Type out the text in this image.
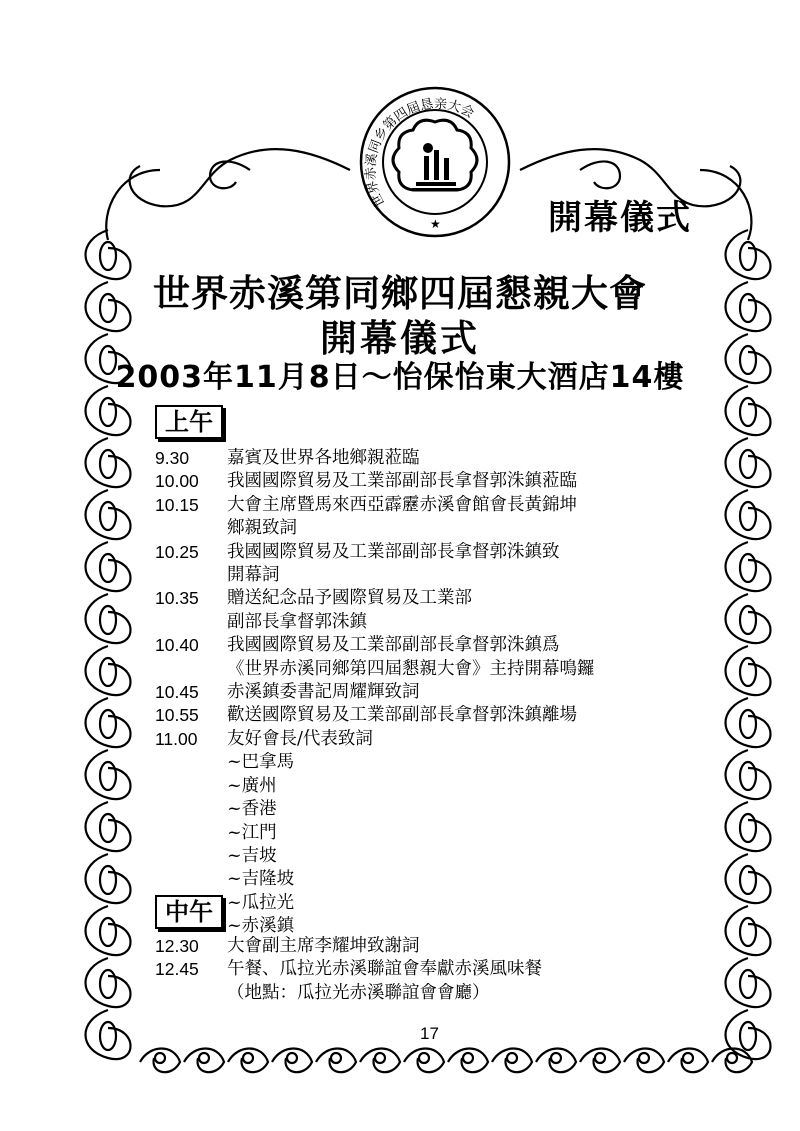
★
世界赤溪同乡第四屆恳亲大会
開幕儀式
世界赤溪第同鄉四屆懇親大會
開幕儀式
2003年11月8日～怡保怡東大酒店14樓
上午
9.30	嘉賓及世界各地鄉親蒞臨
10.00	我國國際貿易及工業部副部長拿督郭洙鎮蒞臨
10.15	大會主席暨馬來西亞霹靂赤溪會館會長黃錦坤
鄉親致詞
10.25	我國國際貿易及工業部副部長拿督郭洙鎮致
開幕詞
10.35	贈送紀念品予國際貿易及工業部
副部長拿督郭洙鎮
10.40	我國國際貿易及工業部副部長拿督郭洙鎮爲
《世界赤溪同鄉第四屆懇親大會》主持開幕鳴鑼
10.45	赤溪鎮委書記周耀輝致詞
10.55	歡送國際貿易及工業部副部長拿督郭洙鎮離場
11.00	友好會長/代表致詞
~巴拿馬
~廣州
~香港
~江門
~吉坡
~吉隆坡
~瓜拉光
~赤溪鎮
中午
12.30	大會副主席李耀坤致謝詞
12.45	午餐、瓜拉光赤溪聯誼會奉獻赤溪風味餐
（地點：瓜拉光赤溪聯誼會會廳）
17
